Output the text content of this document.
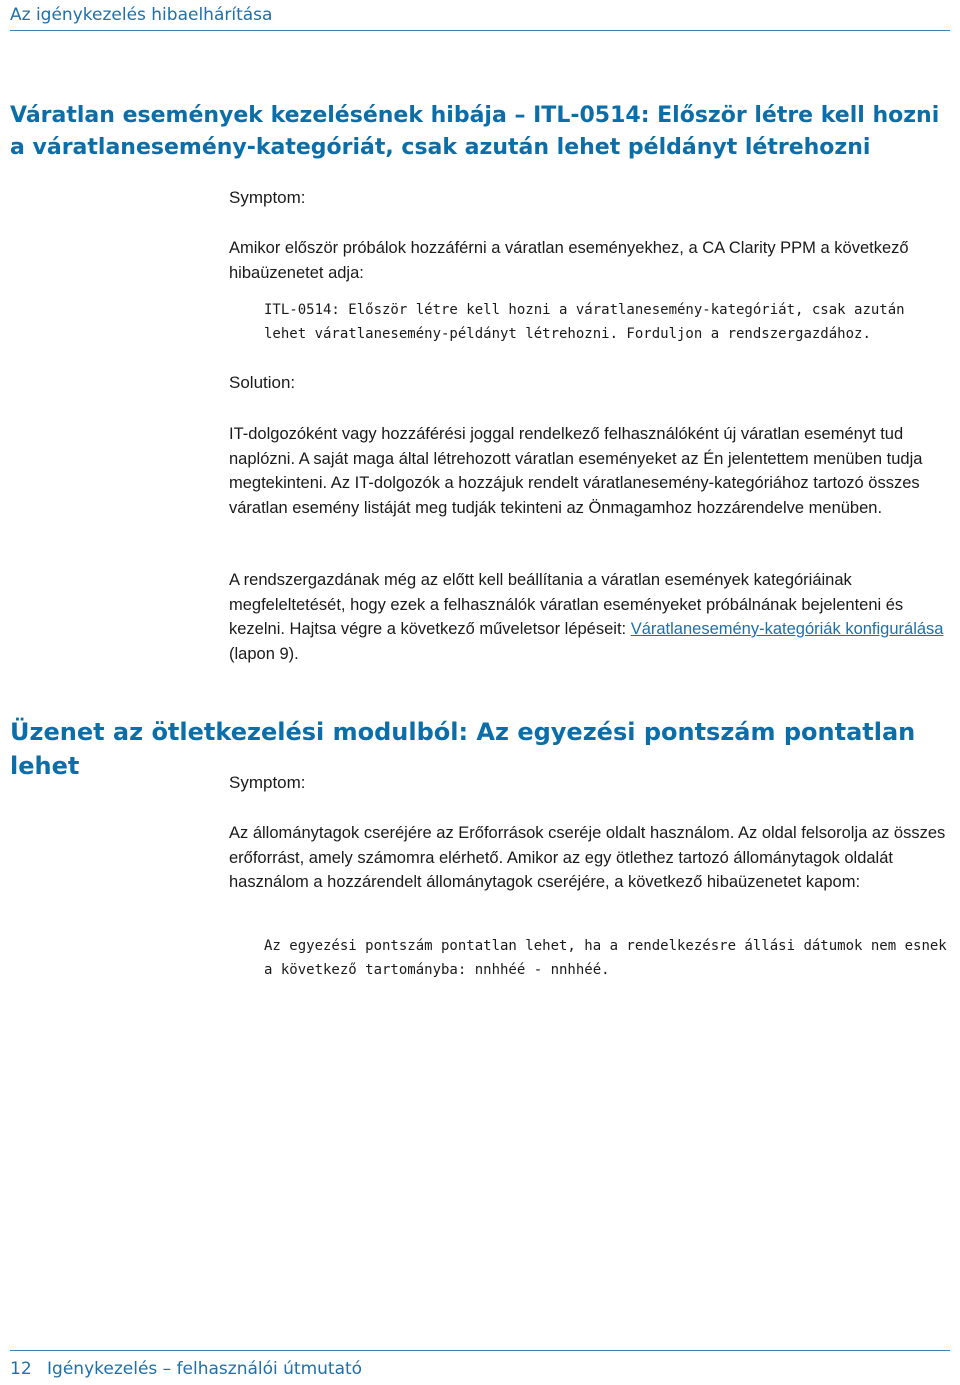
Az igénykezelés hibaelhárítása
Váratlan események kezelésének hibája – ITL-0514: Először létre kell hozni a váratlanesemény-kategóriát, csak azután lehet példányt létrehozni

Symptom:

Amikor először próbálok hozzáférni a váratlan eseményekhez, a CA Clarity PPM a következő hibaüzenetet adja:

ITL-0514: Először létre kell hozni a váratlanesemény-kategóriát, csak azután lehet váratlanesemény-példányt létrehozni. Forduljon a rendszergazdához.

Solution:

IT-dolgozóként vagy hozzáférési joggal rendelkező felhasználóként új váratlan eseményt tud naplózni. A saját maga által létrehozott váratlan eseményeket az Én jelentettem menüben tudja megtekinteni. Az IT-dolgozók a hozzájuk rendelt váratlanesemény-kategóriához tartozó összes váratlan esemény listáját meg tudják tekinteni az Önmagamhoz hozzárendelve menüben.

A rendszergazdának még az előtt kell beállítania a váratlan események kategóriáinak megfeleltetését, hogy ezek a felhasználók váratlan eseményeket próbálnának bejelenteni és kezelni. Hajtsa végre a következő műveletsor lépéseit: Váratlanesemény-kategóriák konfigurálása (lapon 9).

Üzenet az ötletkezelési modulból: Az egyezési pontszám pontatlan lehet

Symptom:

Az állománytagok cseréjére az Erőforrások cseréje oldalt használom. Az oldal felsorolja az összes erőforrást, amely számomra elérhető. Amikor az egy ötlethez tartozó állománytagok oldalát használom a hozzárendelt állománytagok cseréjére, a következő hibaüzenetet kapom:

Az egyezési pontszám pontatlan lehet, ha a rendelkezésre állási dátumok nem esnek a következő tartományba: nnhhéé - nnhhéé.

12 Igénykezelés – felhasználói útmutató
